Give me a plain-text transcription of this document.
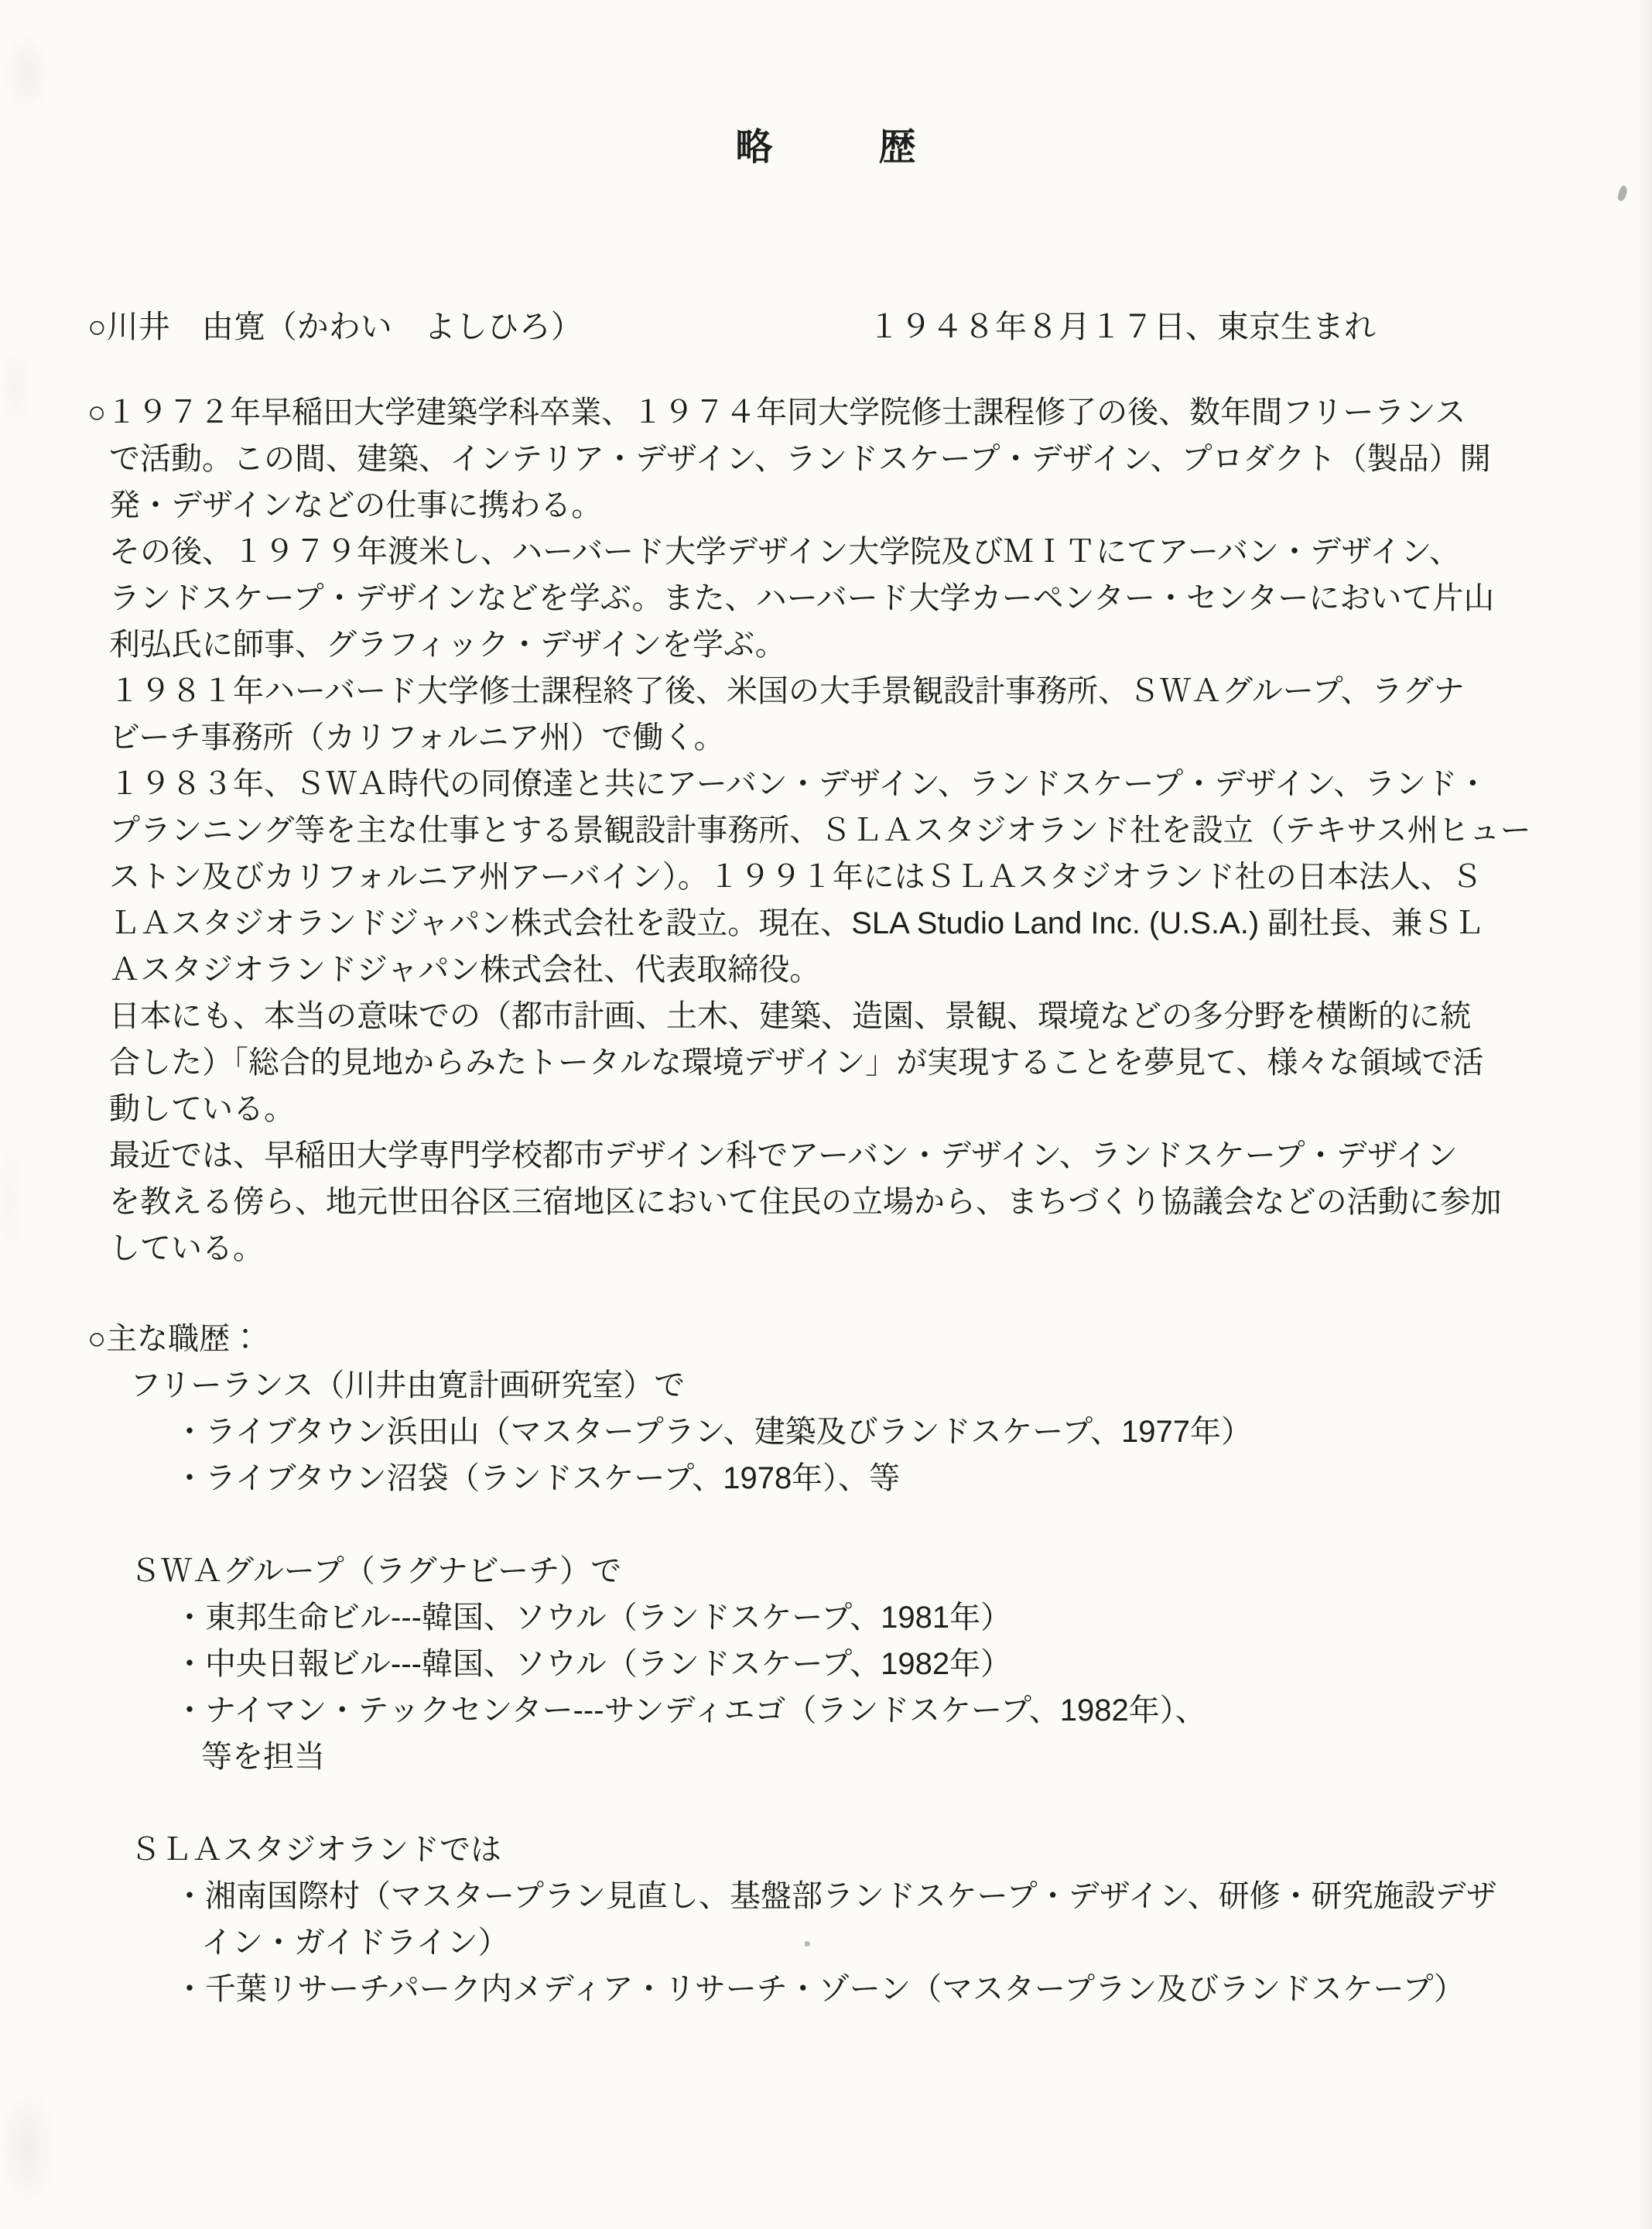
略	歴
○川井　由寛（かわい　よしひろ）	１９４８年８月１７日、東京生まれ
○１９７２年早稲田大学建築学科卒業、１９７４年同大学院修士課程修了の後、数年間フリーランス
で活動。この間、建築、インテリア・デザイン、ランドスケープ・デザイン、プロダクト（製品）開
発・デザインなどの仕事に携わる。
その後、１９７９年渡米し、ハーバード大学デザイン大学院及びＭＩＴにてアーバン・デザイン、
ランドスケープ・デザインなどを学ぶ。また、ハーバード大学カーペンター・センターにおいて片山
利弘氏に師事、グラフィック・デザインを学ぶ。
１９８１年ハーバード大学修士課程終了後、米国の大手景観設計事務所、ＳＷＡグループ、ラグナ
ビーチ事務所（カリフォルニア州）で働く。
１９８３年、ＳＷＡ時代の同僚達と共にアーバン・デザイン、ランドスケープ・デザイン、ランド・
プランニング等を主な仕事とする景観設計事務所、ＳＬＡスタジオランド社を設立（テキサス州ヒュー
ストン及びカリフォルニア州アーバイン）。１９９１年にはＳＬＡスタジオランド社の日本法人、Ｓ
ＬＡスタジオランドジャパン株式会社を設立。現在、SLA Studio Land Inc. (U.S.A.) 副社長、兼ＳＬ
Ａスタジオランドジャパン株式会社、代表取締役。
日本にも、本当の意味での（都市計画、土木、建築、造園、景観、環境などの多分野を横断的に統
合した）「総合的見地からみたトータルな環境デザイン」が実現することを夢見て、様々な領域で活
動している。
最近では、早稲田大学専門学校都市デザイン科でアーバン・デザイン、ランドスケープ・デザイン
を教える傍ら、地元世田谷区三宿地区において住民の立場から、まちづくり協議会などの活動に参加
している。
○主な職歴：
フリーランス（川井由寛計画研究室）で
・ライブタウン浜田山（マスタープラン、建築及びランドスケープ、1977年）
・ライブタウン沼袋（ランドスケープ、1978年）、等
ＳＷＡグループ（ラグナビーチ）で
・東邦生命ビル---韓国、ソウル（ランドスケープ、1981年）
・中央日報ビル---韓国、ソウル（ランドスケープ、1982年）
・ナイマン・テックセンター---サンディエゴ（ランドスケープ、1982年）、
等を担当
ＳＬＡスタジオランドでは
・湘南国際村（マスタープラン見直し、基盤部ランドスケープ・デザイン、研修・研究施設デザ
イン・ガイドライン）
・千葉リサーチパーク内メディア・リサーチ・ゾーン（マスタープラン及びランドスケープ）
